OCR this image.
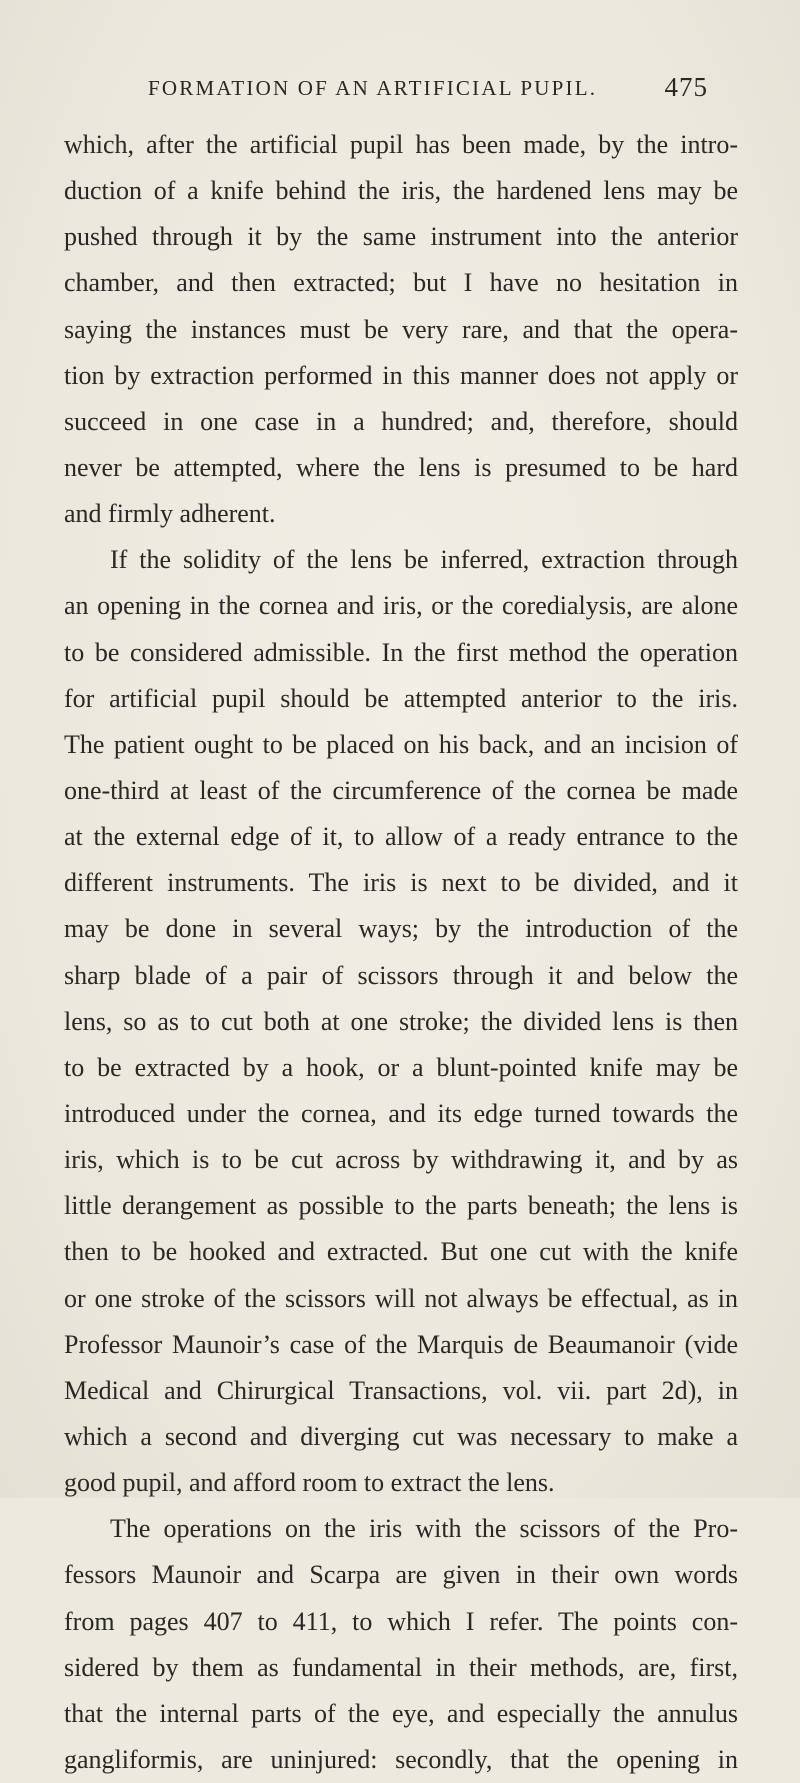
FORMATION OF AN ARTIFICIAL PUPIL. 475
which, after the artificial pupil has been made, by the intro-
duction of a knife behind the iris, the hardened lens may be
pushed through it by the same instrument into the anterior
chamber, and then extracted; but I have no hesitation in
saying the instances must be very rare, and that the opera-
tion by extraction performed in this manner does not apply or
succeed in one case in a hundred; and, therefore, should
never be attempted, where the lens is presumed to be hard
and firmly adherent.
If the solidity of the lens be inferred, extraction through
an opening in the cornea and iris, or the coredialysis, are alone
to be considered admissible. In the first method the operation
for artificial pupil should be attempted anterior to the iris.
The patient ought to be placed on his back, and an incision of
one-third at least of the circumference of the cornea be made
at the external edge of it, to allow of a ready entrance to the
different instruments. The iris is next to be divided, and it
may be done in several ways; by the introduction of the
sharp blade of a pair of scissors through it and below the
lens, so as to cut both at one stroke; the divided lens is then
to be extracted by a hook, or a blunt-pointed knife may be
introduced under the cornea, and its edge turned towards the
iris, which is to be cut across by withdrawing it, and by as
little derangement as possible to the parts beneath; the lens is
then to be hooked and extracted. But one cut with the knife
or one stroke of the scissors will not always be effectual, as in
Professor Maunoir’s case of the Marquis de Beaumanoir (vide
Medical and Chirurgical Transactions, vol. vii. part 2d), in
which a second and diverging cut was necessary to make a
good pupil, and afford room to extract the lens.
The operations on the iris with the scissors of the Pro-
fessors Maunoir and Scarpa are given in their own words
from pages 407 to 411, to which I refer. The points con-
sidered by them as fundamental in their methods, are, first,
that the internal parts of the eye, and especially the annulus
gangliformis, are uninjured: secondly, that the opening in
